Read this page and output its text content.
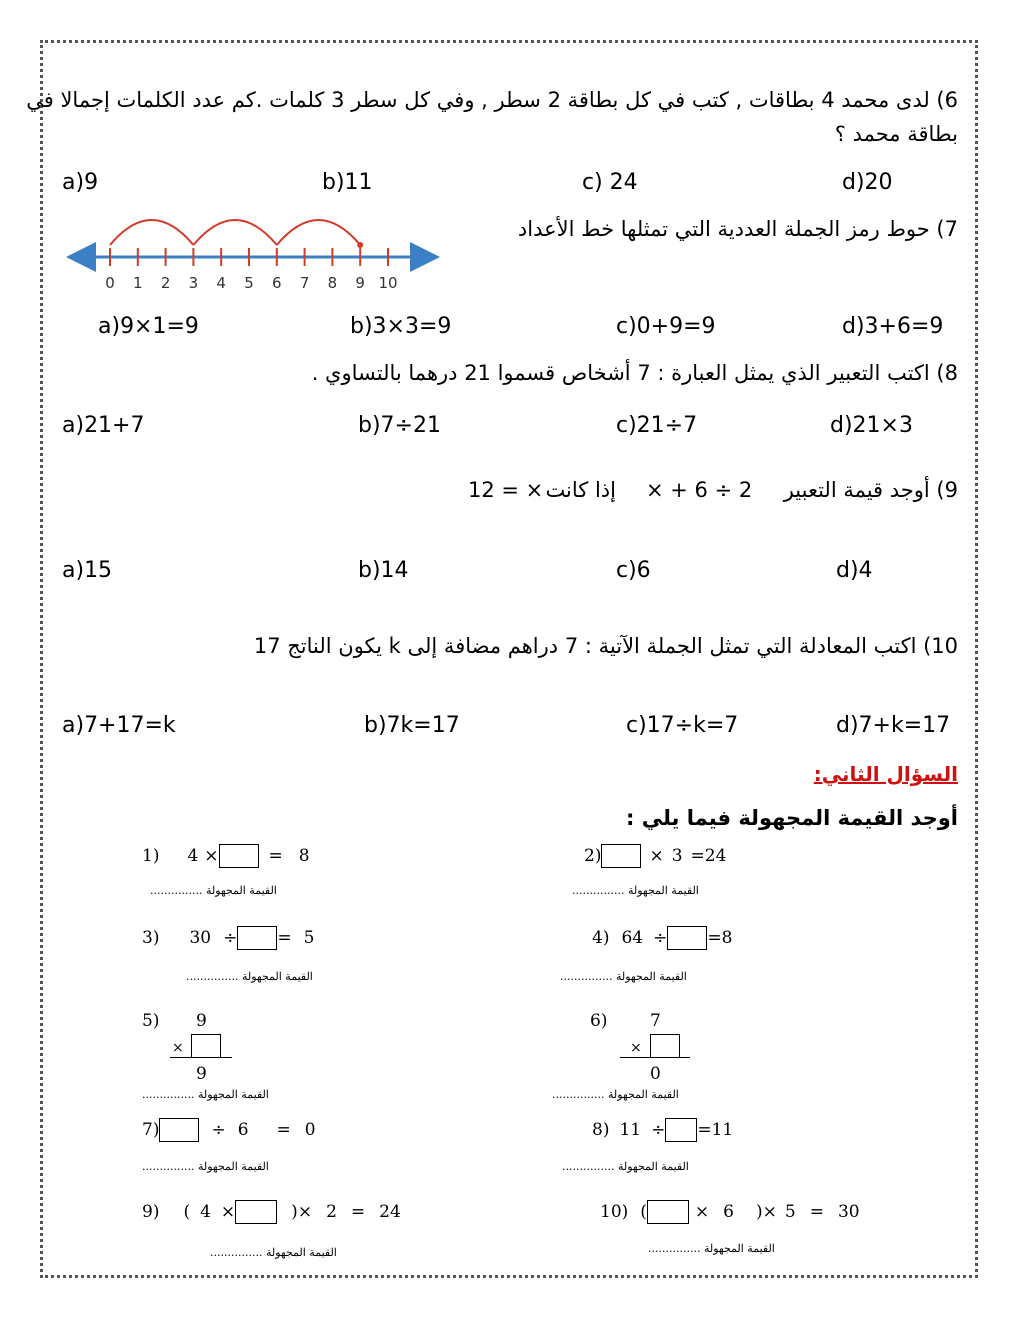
6) لدى محمد 4 بطاقات , كتب في كل بطاقة 2 سطر , وفي كل سطر 3 كلمات .كم عدد الكلمات إجمالا في
بطاقة محمد ؟
a)9	b)11	c) 24	d)20
7) حوط رمز الجملة العددية التي تمثلها خط الأعداد
0 1 2 3 4 5 6 7 8 9 10
a)9×1=9	b)3×3=9	c)0+9=9	d)3+6=9
8) اكتب التعبير الذي يمثل العبارة : 7 أشخاص قسموا 21 درهما بالتساوي .
a)21+7	b)7÷21	c)21÷7	d)21×3
9) أوجد قيمة التعبير
2 ÷ 6 + ×
إذا كانت
× = 12
a)15	b)14	c)6	d)4
10) اكتب المعادلة التي تمثل الجملة الآتية : 7 دراهم مضافة إلى k يكون الناتج 17
a)7+17=k	b)7k=17	c)17÷k=7	d)7+k=17
السؤال الثاني:
أوجد القيمة المجهولة فيما يلي :
1) 4 ×	= 8
القيمة المجهولة ...............
2)	× 3 = 24
القيمة المجهولة ...............
3) 30 ÷ = 5
القيمة المجهولة ...............
4) 64 ÷ = 8
القيمة المجهولة ...............
5) 9
×
9
القيمة المجهولة ...............
6)	7
×
0
القيمة المجهولة ...............
7)	÷ 6 = 0
القيمة المجهولة ...............
8) 11 ÷ = 11
القيمة المجهولة ...............
9) ( 4 ×	) × 2 = 24
القيمة المجهولة ...............
10) (	× 6 ) × 5 = 30
القيمة المجهولة ...............
